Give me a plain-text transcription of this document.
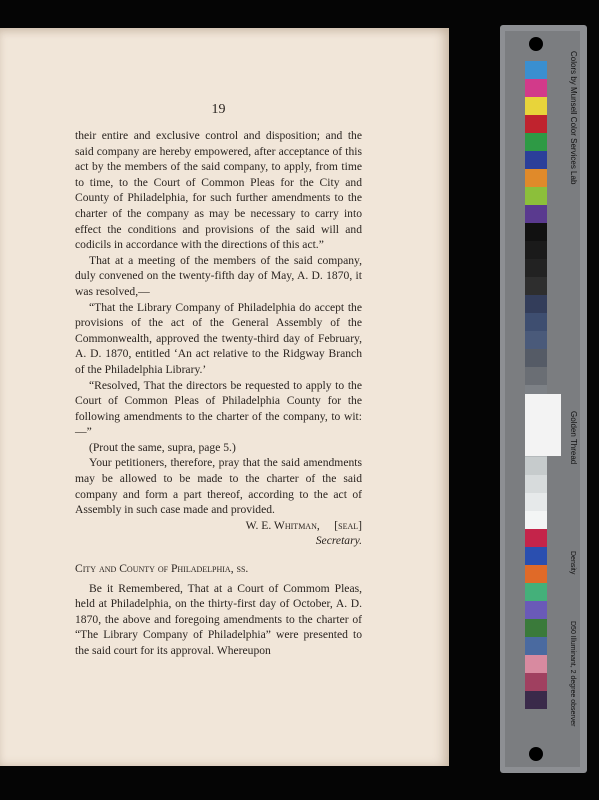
19

their entire and exclusive control and disposition; and the said company are hereby empowered, after acceptance of this act by the members of the said company, to apply, from time to time, to the Court of Common Pleas for the City and County of Philadelphia, for such further amendments to the charter of the company as may be necessary to carry into effect the conditions and provisions of the said will and codicils in accordance with the directions of this act.”

That at a meeting of the members of the said company, duly convened on the twenty-fifth day of May, A. D. 1870, it was resolved,—

“That the Library Company of Philadelphia do accept the provisions of the act of the General Assembly of the Commonwealth, approved the twenty-third day of February, A. D. 1870, entitled ‘An act relative to the Ridgway Branch of the Philadelphia Library.’

“Resolved, That the directors be requested to apply to the Court of Common Pleas of Philadelphia County for the following amendments to the charter of the company, to wit:—”

(Prout the same, supra, page 5.)

Your petitioners, therefore, pray that the said amendments may be allowed to be made to the charter of the said company and form a part thereof, according to the act of Assembly in such case made and provided.

W. E. Whitman, [seal]

Secretary.

City and County of Philadelphia, ss.

Be it Remembered, That at a Court of Commom Pleas, held at Philadelphia, on the thirty-first day of October, A. D. 1870, the above and foregoing amendments to the charter of “The Library Company of Philadelphia” were presented to the said court for its approval. Whereupon

Colors by Munsell Color Services Lab
Golden Thread
Density
D50 Illuminant, 2 degree observer
